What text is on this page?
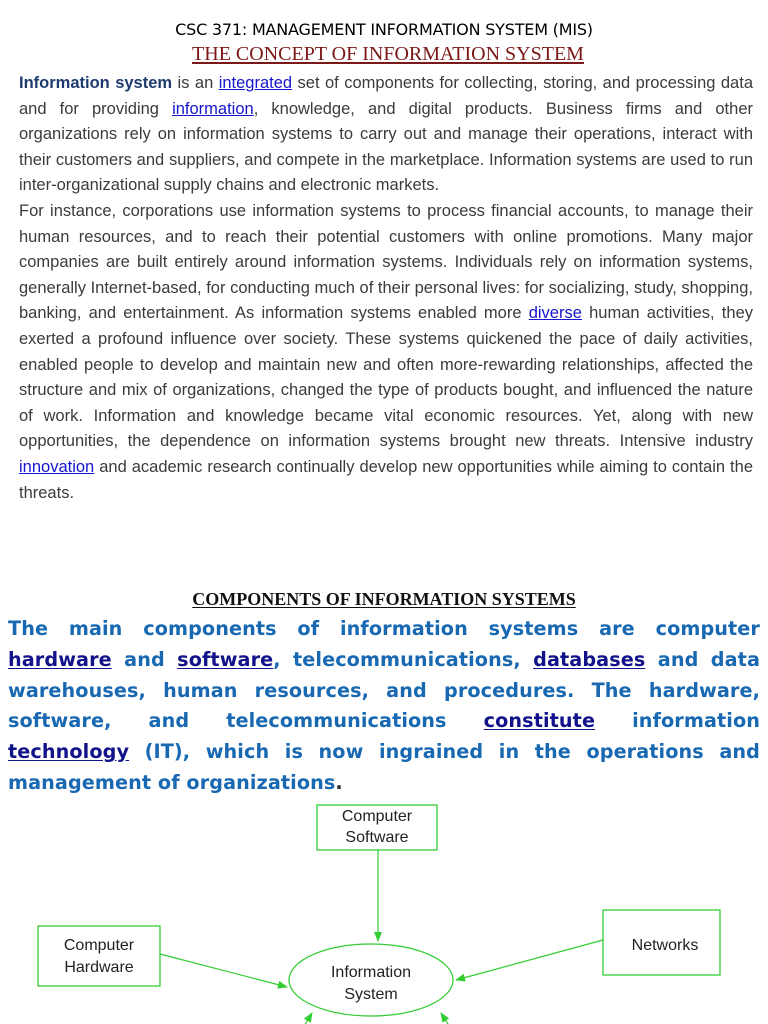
CSC 371: MANAGEMENT INFORMATION SYSTEM (MIS)
THE CONCEPT OF INFORMATION SYSTEM

Information system is an integrated set of components for collecting, storing, and processing data and for providing information, knowledge, and digital products. Business firms and other organizations rely on information systems to carry out and manage their operations, interact with their customers and suppliers, and compete in the marketplace. Information systems are used to run inter-organizational supply chains and electronic markets.

For instance, corporations use information systems to process financial accounts, to manage their human resources, and to reach their potential customers with online promotions. Many major companies are built entirely around information systems. Individuals rely on information systems, generally Internet-based, for conducting much of their personal lives: for socializing, study, shopping, banking, and entertainment. As information systems enabled more diverse human activities, they exerted a profound influence over society. These systems quickened the pace of daily activities, enabled people to develop and maintain new and often more-rewarding relationships, affected the structure and mix of organizations, changed the type of products bought, and influenced the nature of work. Information and knowledge became vital economic resources. Yet, along with new opportunities, the dependence on information systems brought new threats. Intensive industry innovation and academic research continually develop new opportunities while aiming to contain the threats.

COMPONENTS OF INFORMATION SYSTEMS

The main components of information systems are computer hardware and software, telecommunications, databases and data warehouses, human resources, and procedures. The hardware, software, and telecommunications constitute information technology (IT), which is now ingrained in the operations and management of organizations.

Computer
Software
Computer
Hardware
Networks
Information
System
